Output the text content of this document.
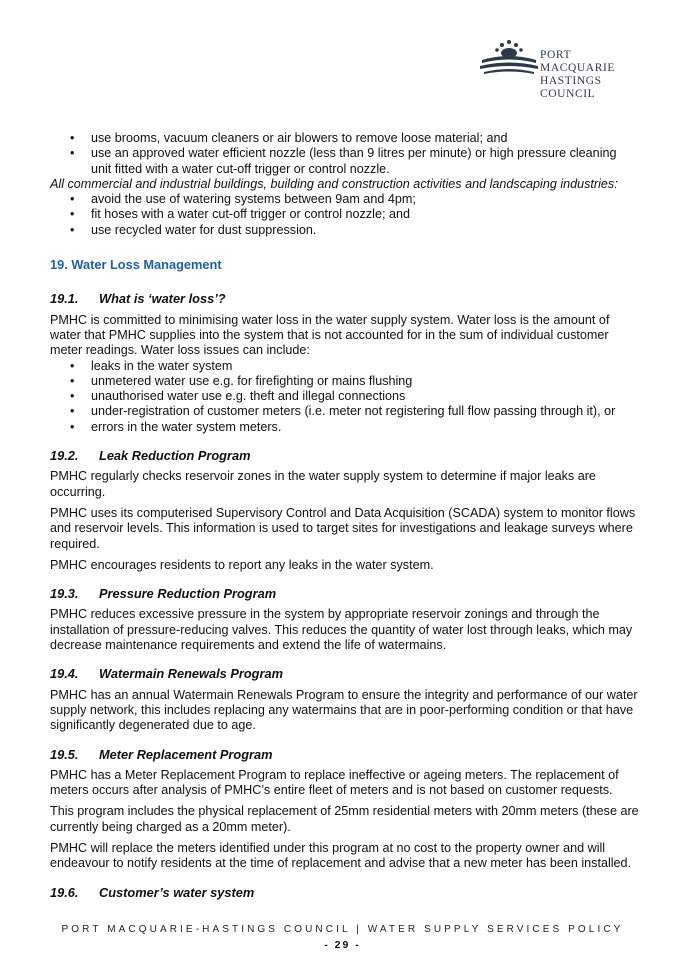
PORT MACQUARIE
HASTINGS COUNCIL
• use brooms, vacuum cleaners or air blowers to remove loose material; and
• use an approved water efficient nozzle (less than 9 litres per minute) or high pressure cleaning unit fitted with a water cut-off trigger or control nozzle.

All commercial and industrial buildings, building and construction activities and landscaping industries:

• avoid the use of watering systems between 9am and 4pm;
• fit hoses with a water cut-off trigger or control nozzle; and
• use recycled water for dust suppression.

19. Water Loss Management

19.1. What is ‘water loss’?

PMHC is committed to minimising water loss in the water supply system. Water loss is the amount of water that PMHC supplies into the system that is not accounted for in the sum of individual customer meter readings. Water loss issues can include:

• leaks in the water system
• unmetered water use e.g. for firefighting or mains flushing
• unauthorised water use e.g. theft and illegal connections
• under-registration of customer meters (i.e. meter not registering full flow passing through it), or
• errors in the water system meters.

19.2. Leak Reduction Program

PMHC regularly checks reservoir zones in the water supply system to determine if major leaks are occurring.

PMHC uses its computerised Supervisory Control and Data Acquisition (SCADA) system to monitor flows and reservoir levels. This information is used to target sites for investigations and leakage surveys where required.

PMHC encourages residents to report any leaks in the water system.

19.3. Pressure Reduction Program

PMHC reduces excessive pressure in the system by appropriate reservoir zonings and through the installation of pressure-reducing valves. This reduces the quantity of water lost through leaks, which may decrease maintenance requirements and extend the life of watermains.

19.4. Watermain Renewals Program

PMHC has an annual Watermain Renewals Program to ensure the integrity and performance of our water supply network, this includes replacing any watermains that are in poor-performing condition or that have significantly degenerated due to age.

19.5. Meter Replacement Program

PMHC has a Meter Replacement Program to replace ineffective or ageing meters. The replacement of meters occurs after analysis of PMHC’s entire fleet of meters and is not based on customer requests.

This program includes the physical replacement of 25mm residential meters with 20mm meters (these are currently being charged as a 20mm meter).

PMHC will replace the meters identified under this program at no cost to the property owner and will endeavour to notify residents at the time of replacement and advise that a new meter has been installed.

19.6. Customer’s water system

PORT MACQUARIE-HASTINGS COUNCIL | WATER SUPPLY SERVICES POLICY
- 29 -
